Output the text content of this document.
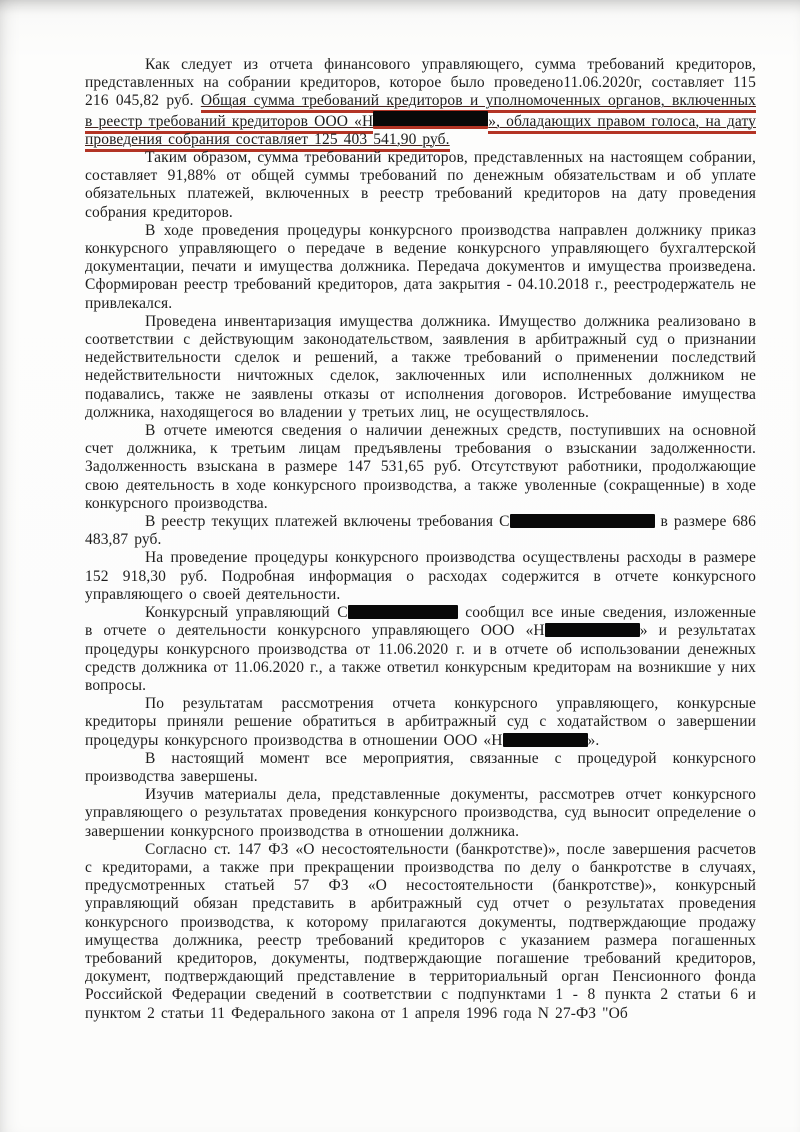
Как следует из отчета финансового управляющего, сумма требований кредиторов, представленных на собрании кредиторов, которое было проведено11.06.2020г, составляет 115 216 045,82 руб. Общая сумма требований кредиторов и уполномоченных органов, включенных в реестр требований кредиторов ООО «Н	», обладающих правом голоса, на дату проведения собрания составляет 125 403 541,90 руб.

Таким образом, сумма требований кредиторов, представленных на настоящем собрании, составляет 91,88% от общей суммы требований по денежным обязательствам и об уплате обязательных платежей, включенных в реестр требований кредиторов на дату проведения собрания кредиторов.

В ходе проведения процедуры конкурсного производства направлен должнику приказ конкурсного управляющего о передаче в ведение конкурсного управляющего бухгалтерской документации, печати и имущества должника. Передача документов и имущества произведена. Сформирован реестр требований кредиторов, дата закрытия - 04.10.2018 г., реестродержатель не привлекался.

Проведена инвентаризация имущества должника. Имущество должника реализовано в соответствии с действующим законодательством, заявления в арбитражный суд о признании недействительности сделок и решений, а также требований о применении последствий недействительности ничтожных сделок, заключенных или исполненных должником не подавались, также не заявлены отказы от исполнения договоров. Истребование имущества должника, находящегося во владении у третьих лиц, не осуществлялось.

В отчете имеются сведения о наличии денежных средств, поступивших на основной счет должника, к третьим лицам предъявлены требования о взыскании задолженности. Задолженность взыскана в размере 147 531,65 руб. Отсутствуют работники, продолжающие свою деятельность в ходе конкурсного производства, а также уволенные (сокращенные) в ходе конкурсного производства.

В реестр текущих платежей включены требования С	в размере 686 483,87 руб.

На проведение процедуры конкурсного производства осуществлены расходы в размере 152 918,30 руб. Подробная информация о расходах содержится в отчете конкурсного управляющего о своей деятельности.

Конкурсный управляющий С	сообщил все иные сведения, изложенные в отчете о деятельности конкурсного управляющего ООО «Н	» и результатах процедуры конкурсного производства от 11.06.2020 г. и в отчете об использовании денежных средств должника от 11.06.2020 г., а также ответил конкурсным кредиторам на возникшие у них вопросы.

По результатам рассмотрения отчета конкурсного управляющего, конкурсные кредиторы приняли решение обратиться в арбитражный суд с ходатайством о завершении процедуры конкурсного производства в отношении ООО «Н	».

В настоящий момент все мероприятия, связанные с процедурой конкурсного производства завершены.

Изучив материалы дела, представленные документы, рассмотрев отчет конкурсного управляющего о результатах проведения конкурсного производства, суд выносит определение о завершении конкурсного производства в отношении должника.

Согласно ст. 147 ФЗ «О несостоятельности (банкротстве)», после завершения расчетов с кредиторами, а также при прекращении производства по делу о банкротстве в случаях, предусмотренных статьей 57 ФЗ «О несостоятельности (банкротстве)», конкурсный управляющий обязан представить в арбитражный суд отчет о результатах проведения конкурсного производства, к которому прилагаются документы, подтверждающие продажу имущества должника, реестр требований кредиторов с указанием размера погашенных требований кредиторов, документы, подтверждающие погашение требований кредиторов, документ, подтверждающий представление в территориальный орган Пенсионного фонда Российской Федерации сведений в соответствии с подпунктами 1 - 8 пункта 2 статьи 6 и пунктом 2 статьи 11 Федерального закона от 1 апреля 1996 года N 27-ФЗ "Об
